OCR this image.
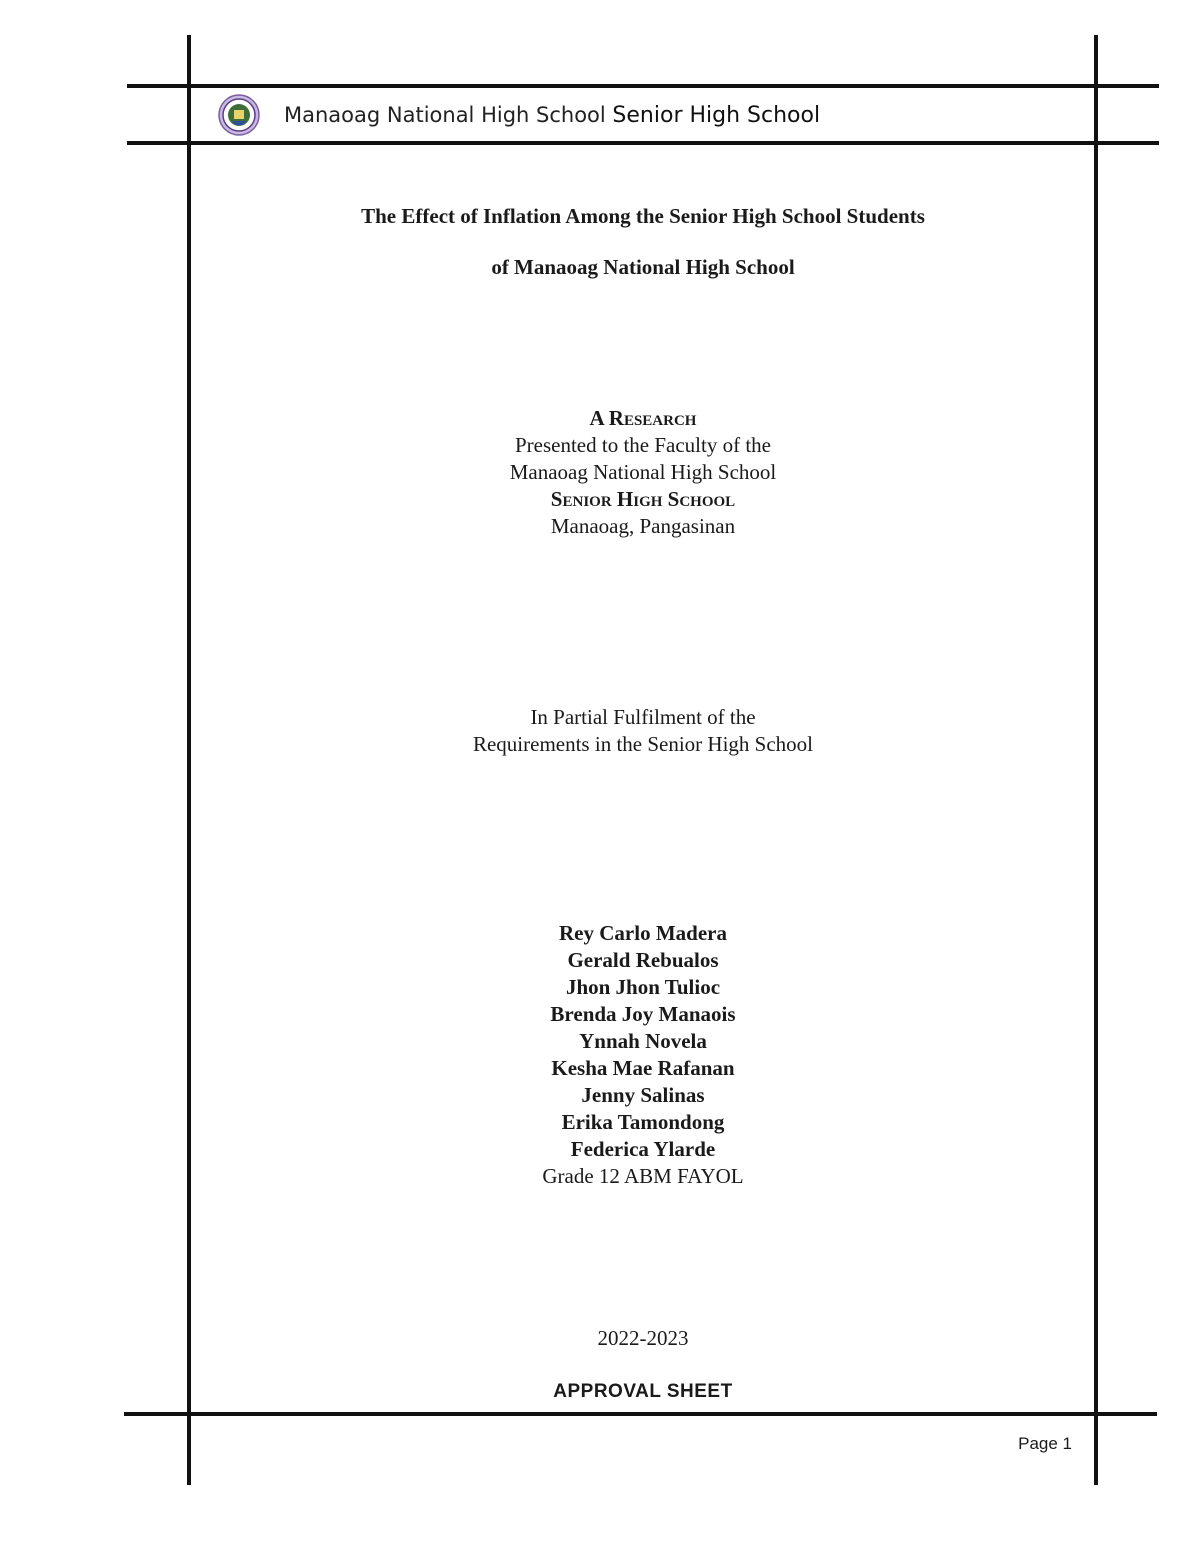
Manaoag National High School Senior High School
The Effect of Inflation Among the Senior High School Students
of Manaoag National High School
A Research
Presented to the Faculty of the
Manaoag National High School
Senior High School
Manaoag, Pangasinan
In Partial Fulfilment of the
Requirements in the Senior High School
Rey Carlo Madera
Gerald Rebualos
Jhon Jhon Tulioc
Brenda Joy Manaois
Ynnah Novela
Kesha Mae Rafanan
Jenny Salinas
Erika Tamondong
Federica Ylarde
Grade 12 ABM FAYOL
2022-2023
APPROVAL SHEET
Page 1
